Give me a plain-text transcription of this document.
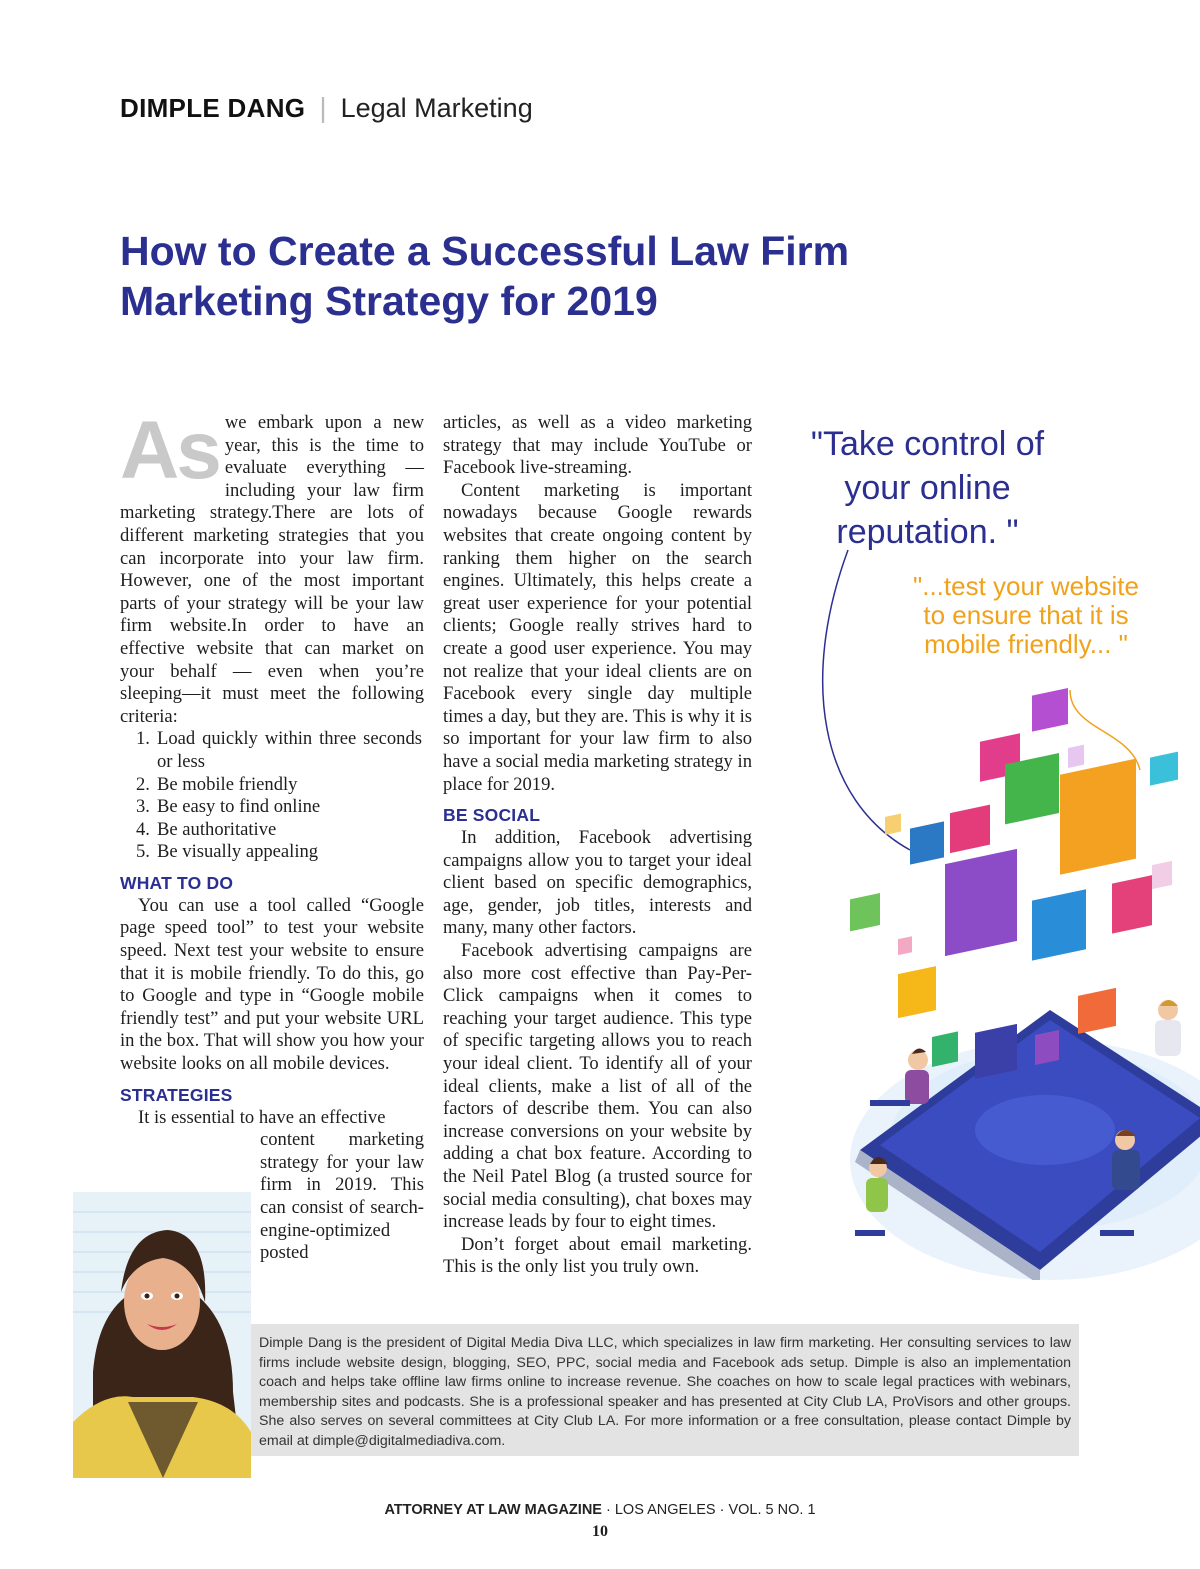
DIMPLE DANG | Legal Marketing
How to Create a Successful Law Firm
Marketing Strategy for 2019

As we embark upon a new year, this is the time to evaluate everything — including your law firm marketing strategy.There are lots of different marketing strategies that you can incorporate into your law firm. However, one of the most important parts of your strategy will be your law firm website.In order to have an effective website that can market on your behalf — even when you’re sleeping—it must meet the following criteria:

1. Load quickly within three seconds or less
2. Be mobile friendly
3. Be easy to find online
4. Be authoritative
5. Be visually appealing
WHAT TO DO

You can use a tool called “Google page speed tool” to test your website speed. Next test your website to ensure that it is mobile friendly. To do this, go to Google and type in “Google mobile friendly test” and put your website URL in the box. That will show you how your website looks on all mobile devices.

STRATEGIES

It is essential to have an effective

content marketing strategy for your law firm in 2019. This can consist of search-engine-optimized posted

articles, as well as a video marketing strategy that may include YouTube or Facebook live-streaming.

Content marketing is important nowadays because Google rewards websites that create ongoing content by ranking them higher on the search engines. Ultimately, this helps create a great user experience for your potential clients; Google really strives hard to create a good user experience. You may not realize that your ideal clients are on Facebook every single day multiple times a day, but they are. This is why it is so important for your law firm to also have a social media marketing strategy in place for 2019.

BE SOCIAL

In addition, Facebook advertising campaigns allow you to target your ideal client based on specific demographics, age, gender, job titles, interests and many, many other factors.

Facebook advertising campaigns are also more cost effective than Pay-Per-Click campaigns when it comes to reaching your target audience. This type of specific targeting allows you to reach your ideal client. To identify all of your ideal clients, make a list of all of the factors of describe them. You can also increase conversions on your website by adding a chat box feature. According to the Neil Patel Blog (a trusted source for social media consulting), chat boxes may increase leads by four to eight times.

Don’t forget about email marketing. This is the only list you truly own.

"Take control of your online reputation. "

"...test your website to ensure that it is mobile friendly... "

Dimple Dang is the president of Digital Media Diva LLC, which specializes in law firm marketing. Her consulting services to law firms include website design, blogging, SEO, PPC, social media and Facebook ads setup. Dimple is also an implementation coach and helps take offline law firms online to increase revenue. She coaches on how to scale legal practices with webinars, membership sites and podcasts. She is a professional speaker and has presented at City Club LA, ProVisors and other groups. She also serves on several committees at City Club LA. For more information or a free consultation, please contact Dimple by email at dimple@digitalmediadiva.com.
ATTORNEY AT LAW MAGAZINE · LOS ANGELES · VOL. 5 NO. 1
10
